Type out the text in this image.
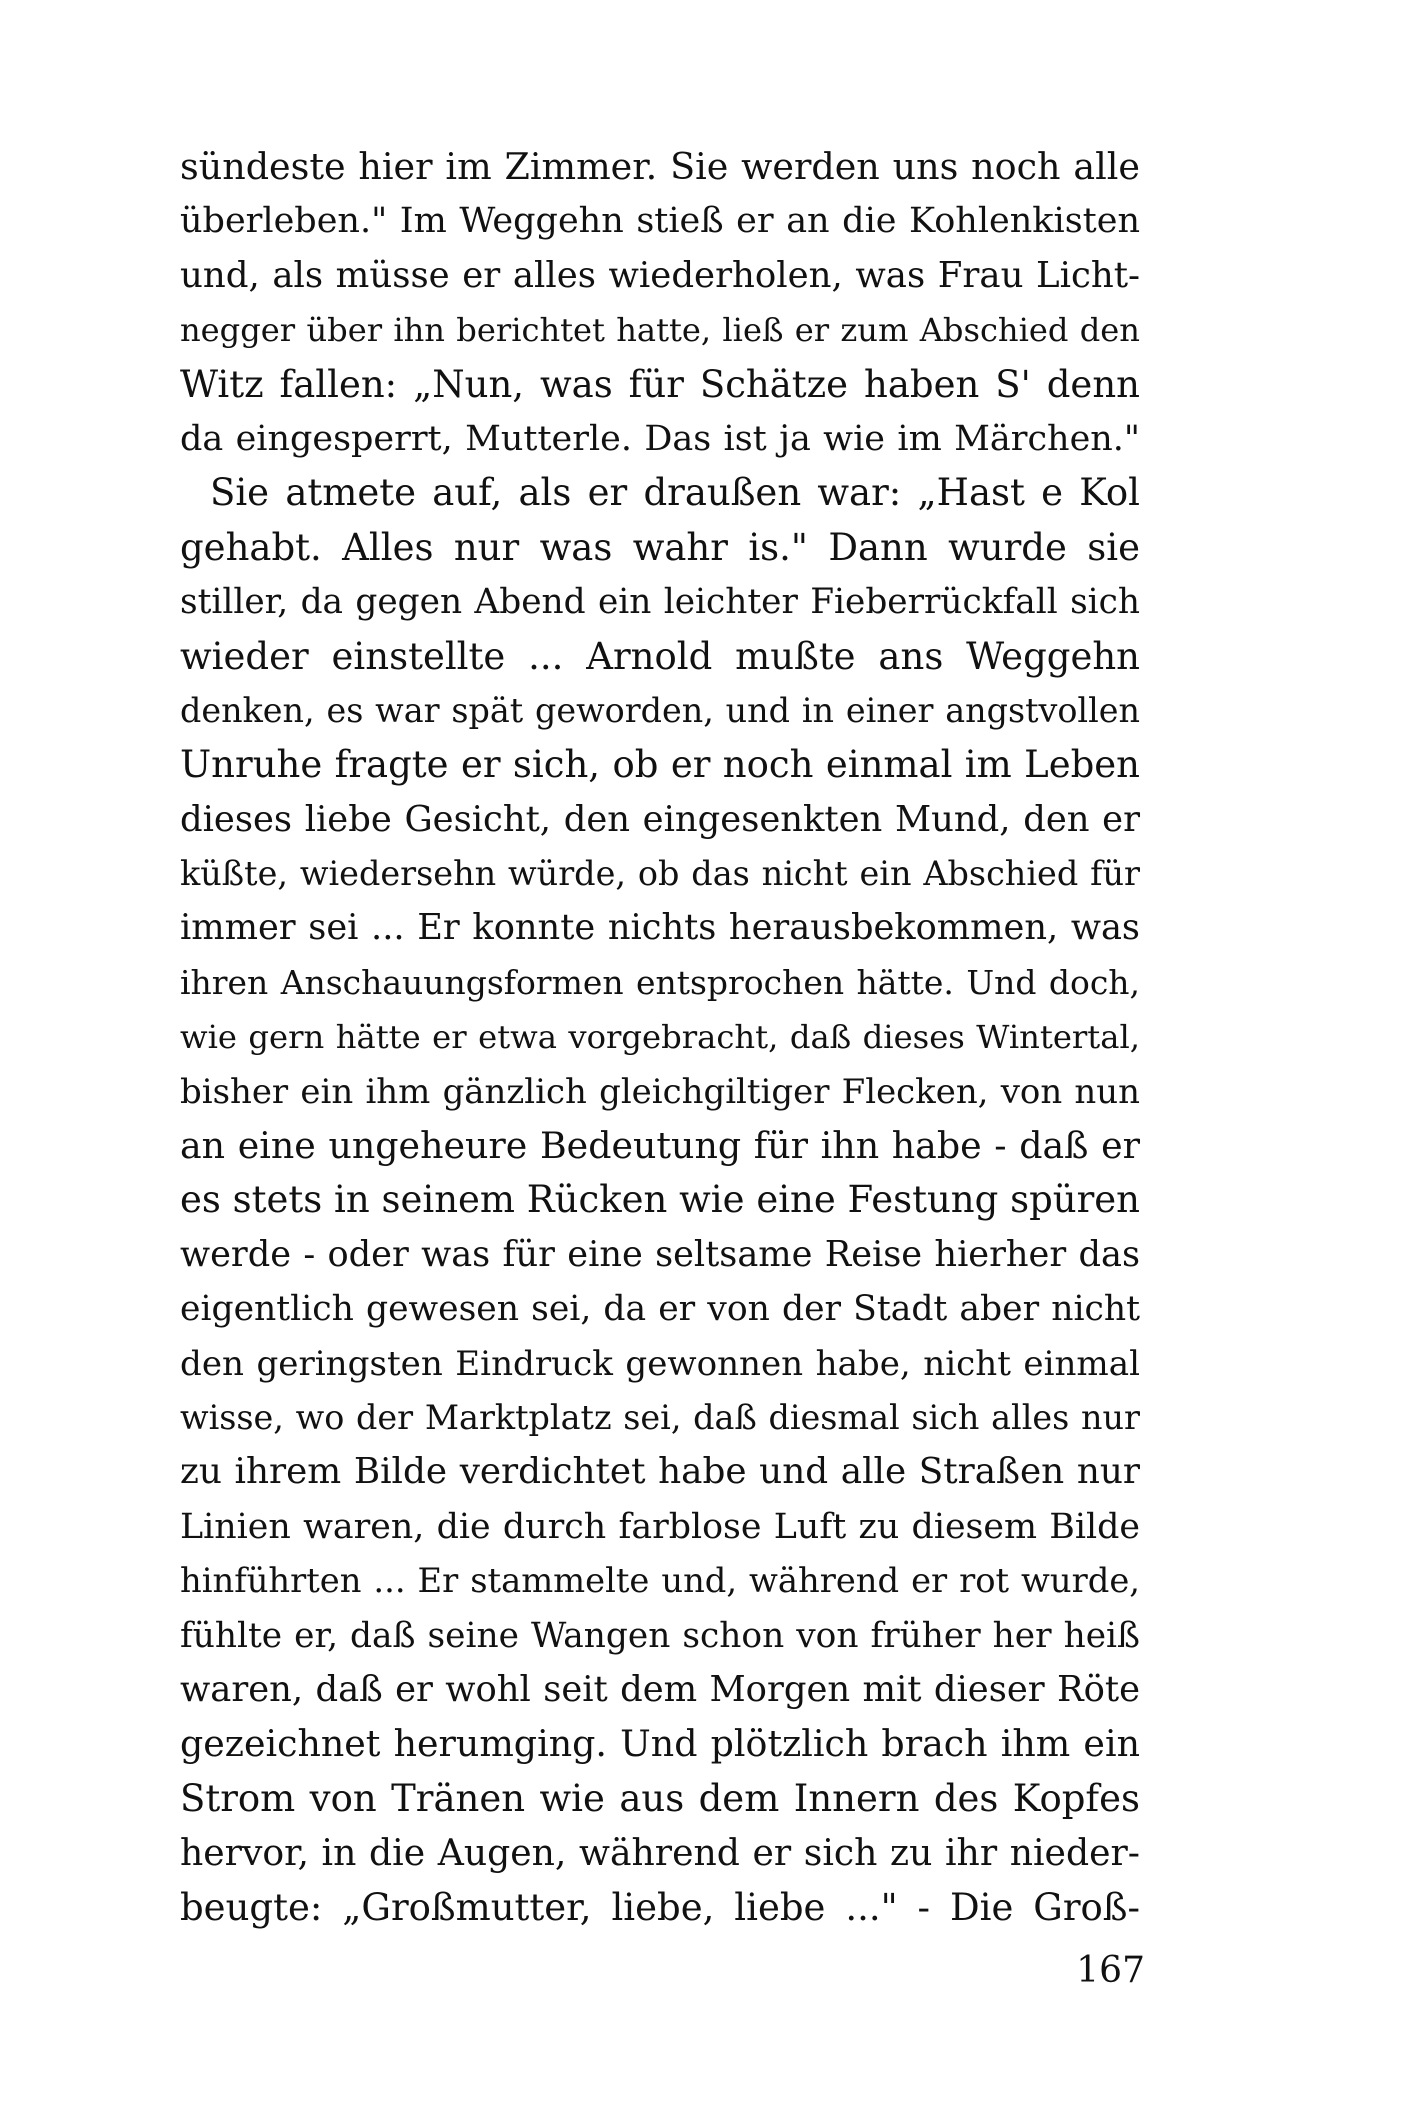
sündeste hier im Zimmer. Sie werden uns noch alle
überleben." Im Weggehn stieß er an die Kohlenkisten
und, als müsse er alles wiederholen, was Frau Licht-
negger über ihn berichtet hatte, ließ er zum Abschied den
Witz fallen: „Nun, was für Schätze haben S' denn
da eingesperrt, Mutterle. Das ist ja wie im Märchen."
Sie atmete auf, als er draußen war: „Hast e Kol
gehabt. Alles nur was wahr is." Dann wurde sie
stiller, da gegen Abend ein leichter Fieberrückfall sich
wieder einstellte ... Arnold mußte ans Weggehn
denken, es war spät geworden, und in einer angstvollen
Unruhe fragte er sich, ob er noch einmal im Leben
dieses liebe Gesicht, den eingesenkten Mund, den er
küßte, wiedersehn würde, ob das nicht ein Abschied für
immer sei ... Er konnte nichts herausbekommen, was
ihren Anschauungsformen entsprochen hätte. Und doch,
wie gern hätte er etwa vorgebracht, daß dieses Wintertal,
bisher ein ihm gänzlich gleichgiltiger Flecken, von nun
an eine ungeheure Bedeutung für ihn habe - daß er
es stets in seinem Rücken wie eine Festung spüren
werde - oder was für eine seltsame Reise hierher das
eigentlich gewesen sei, da er von der Stadt aber nicht
den geringsten Eindruck gewonnen habe, nicht einmal
wisse, wo der Marktplatz sei, daß diesmal sich alles nur
zu ihrem Bilde verdichtet habe und alle Straßen nur
Linien waren, die durch farblose Luft zu diesem Bilde
hinführten ... Er stammelte und, während er rot wurde,
fühlte er, daß seine Wangen schon von früher her heiß
waren, daß er wohl seit dem Morgen mit dieser Röte
gezeichnet herumging. Und plötzlich brach ihm ein
Strom von Tränen wie aus dem Innern des Kopfes
hervor, in die Augen, während er sich zu ihr nieder-
beugte: „Großmutter, liebe, liebe ..." - Die Groß-
167
